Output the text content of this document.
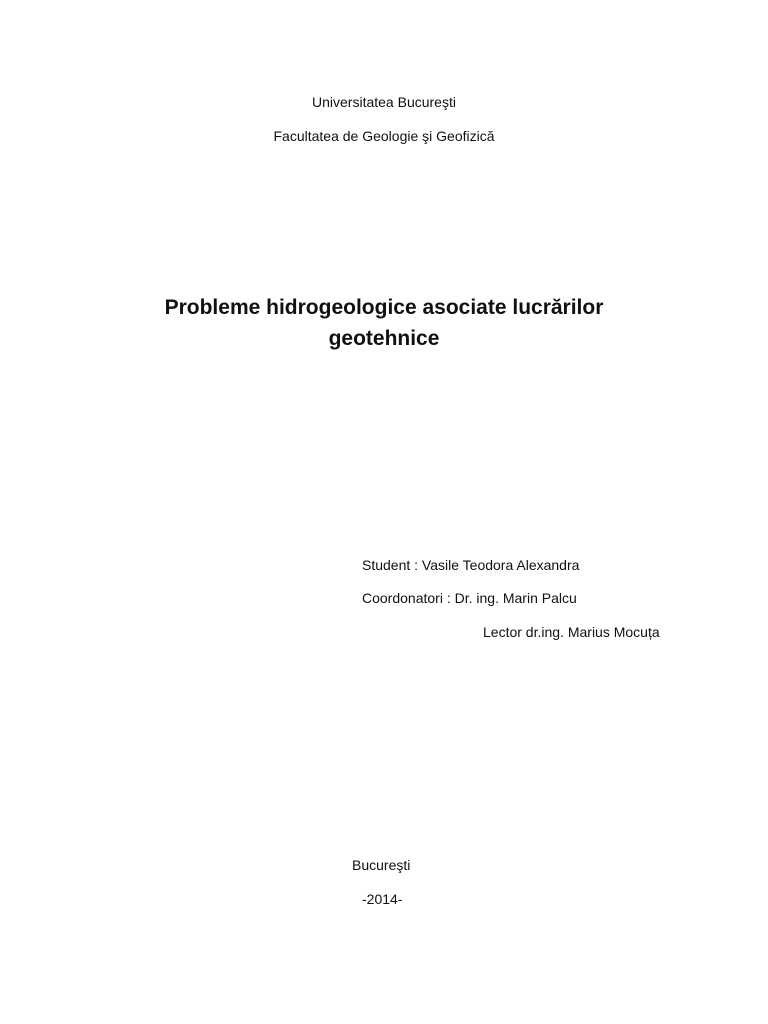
Universitatea Bucureşti
Facultatea de Geologie şi Geofizică
Probleme hidrogeologice asociate lucrărilor
geotehnice
Student : Vasile Teodora Alexandra
Coordonatori : Dr. ing. Marin Palcu
Lector dr.ing. Marius Mocuța
Bucureşti
-2014-
